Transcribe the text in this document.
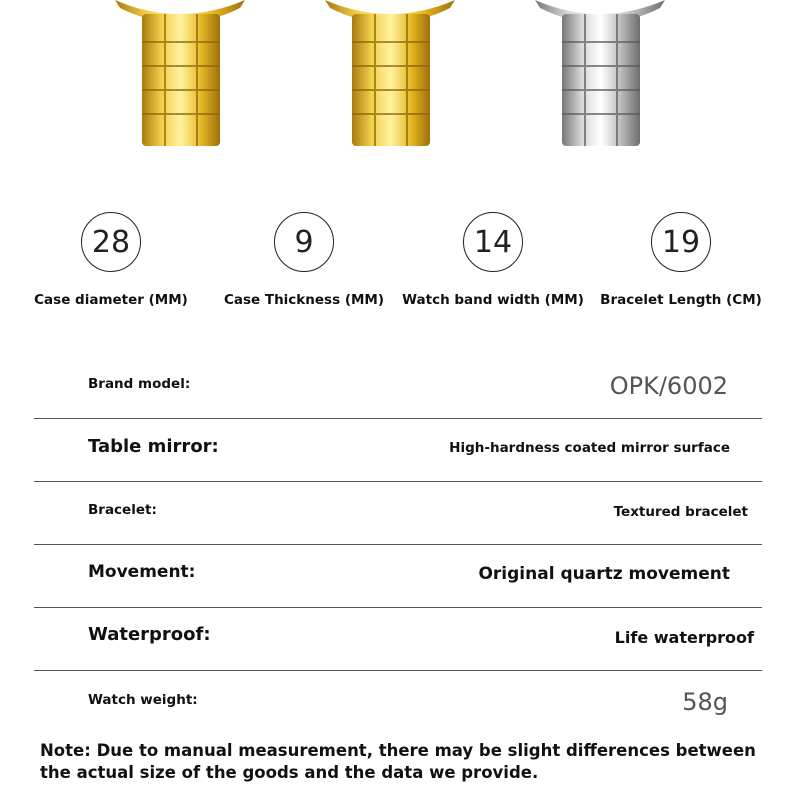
28
Case diameter (MM)
9
Case Thickness (MM)
14
Watch band width (MM)
19
Bracelet Length (CM)
Brand model:	OPK/6002
Table mirror:	High-hardness coated mirror surface
Bracelet:	Textured bracelet
Movement:	Original quartz movement
Waterproof:	Life waterproof
Watch weight:	58g
Note: Due to manual measurement, there may be slight differences between the actual size of the goods and the data we provide.
